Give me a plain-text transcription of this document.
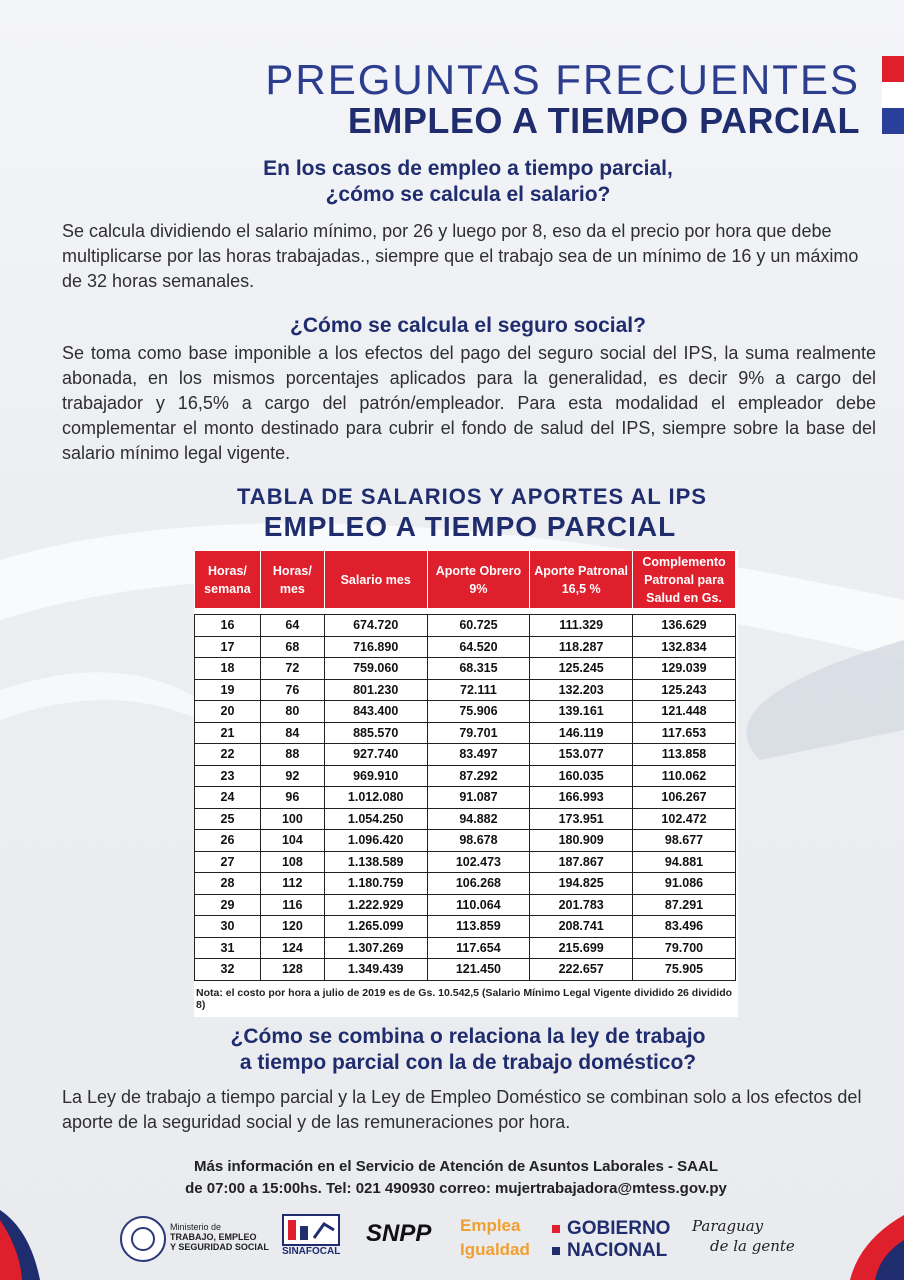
PREGUNTAS FRECUENTES
EMPLEO A TIEMPO PARCIAL
En los casos de empleo a tiempo parcial,
¿cómo se calcula el salario?
Se calcula dividiendo el salario mínimo, por 26 y luego por 8, eso da el precio por hora que debe multiplicarse por las horas trabajadas., siempre que el trabajo sea de un mínimo de 16 y un máximo de 32 horas semanales.
¿Cómo se calcula el seguro social?
Se toma como base imponible a los efectos del pago del seguro social del IPS, la suma realmente abonada, en los mismos porcentajes aplicados para la generalidad, es decir 9% a cargo del trabajador y 16,5% a cargo del patrón/empleador. Para esta modalidad el empleador debe complementar el monto destinado para cubrir el fondo de salud del IPS, siempre sobre la base del salario mínimo legal vigente.
TABLA DE SALARIOS Y APORTES AL IPS
EMPLEO A TIEMPO PARCIAL
Horas/ semana	Horas/ mes	Salario mes	Aporte Obrero 9%	Aporte Patronal 16,5 %	Complemento Patronal para Salud en Gs.

16	64	674.720	60.725	111.329	136.629
17	68	716.890	64.520	118.287	132.834
18	72	759.060	68.315	125.245	129.039
19	76	801.230	72.111	132.203	125.243
20	80	843.400	75.906	139.161	121.448
21	84	885.570	79.701	146.119	117.653
22	88	927.740	83.497	153.077	113.858
23	92	969.910	87.292	160.035	110.062
24	96	1.012.080	91.087	166.993	106.267
25	100	1.054.250	94.882	173.951	102.472
26	104	1.096.420	98.678	180.909	98.677
27	108	1.138.589	102.473	187.867	94.881
28	112	1.180.759	106.268	194.825	91.086
29	116	1.222.929	110.064	201.783	87.291
30	120	1.265.099	113.859	208.741	83.496
31	124	1.307.269	117.654	215.699	79.700
32	128	1.349.439	121.450	222.657	75.905
Nota: el costo por hora a julio de 2019 es de Gs. 10.542,5 (Salario Mínimo Legal Vigente dividido 26 dividido 8)
¿Cómo se combina o relaciona la ley de trabajo
a tiempo parcial con la de trabajo doméstico?
La Ley de trabajo a tiempo parcial y la Ley de Empleo Doméstico se combinan solo a los efectos del aporte de la seguridad social y de las remuneraciones por hora.
Más información en el Servicio de Atención de Asuntos Laborales - SAAL
de 07:00 a 15:00hs. Tel: 021 490930 correo: mujertrabajadora@mtess.gov.py
Ministerio de
TRABAJO, EMPLEO
Y SEGURIDAD SOCIAL SINAFOCAL
SNPP	Emplea
Igualdad
GOBIERNO
NACIONAL
Paraguay
de la gente
